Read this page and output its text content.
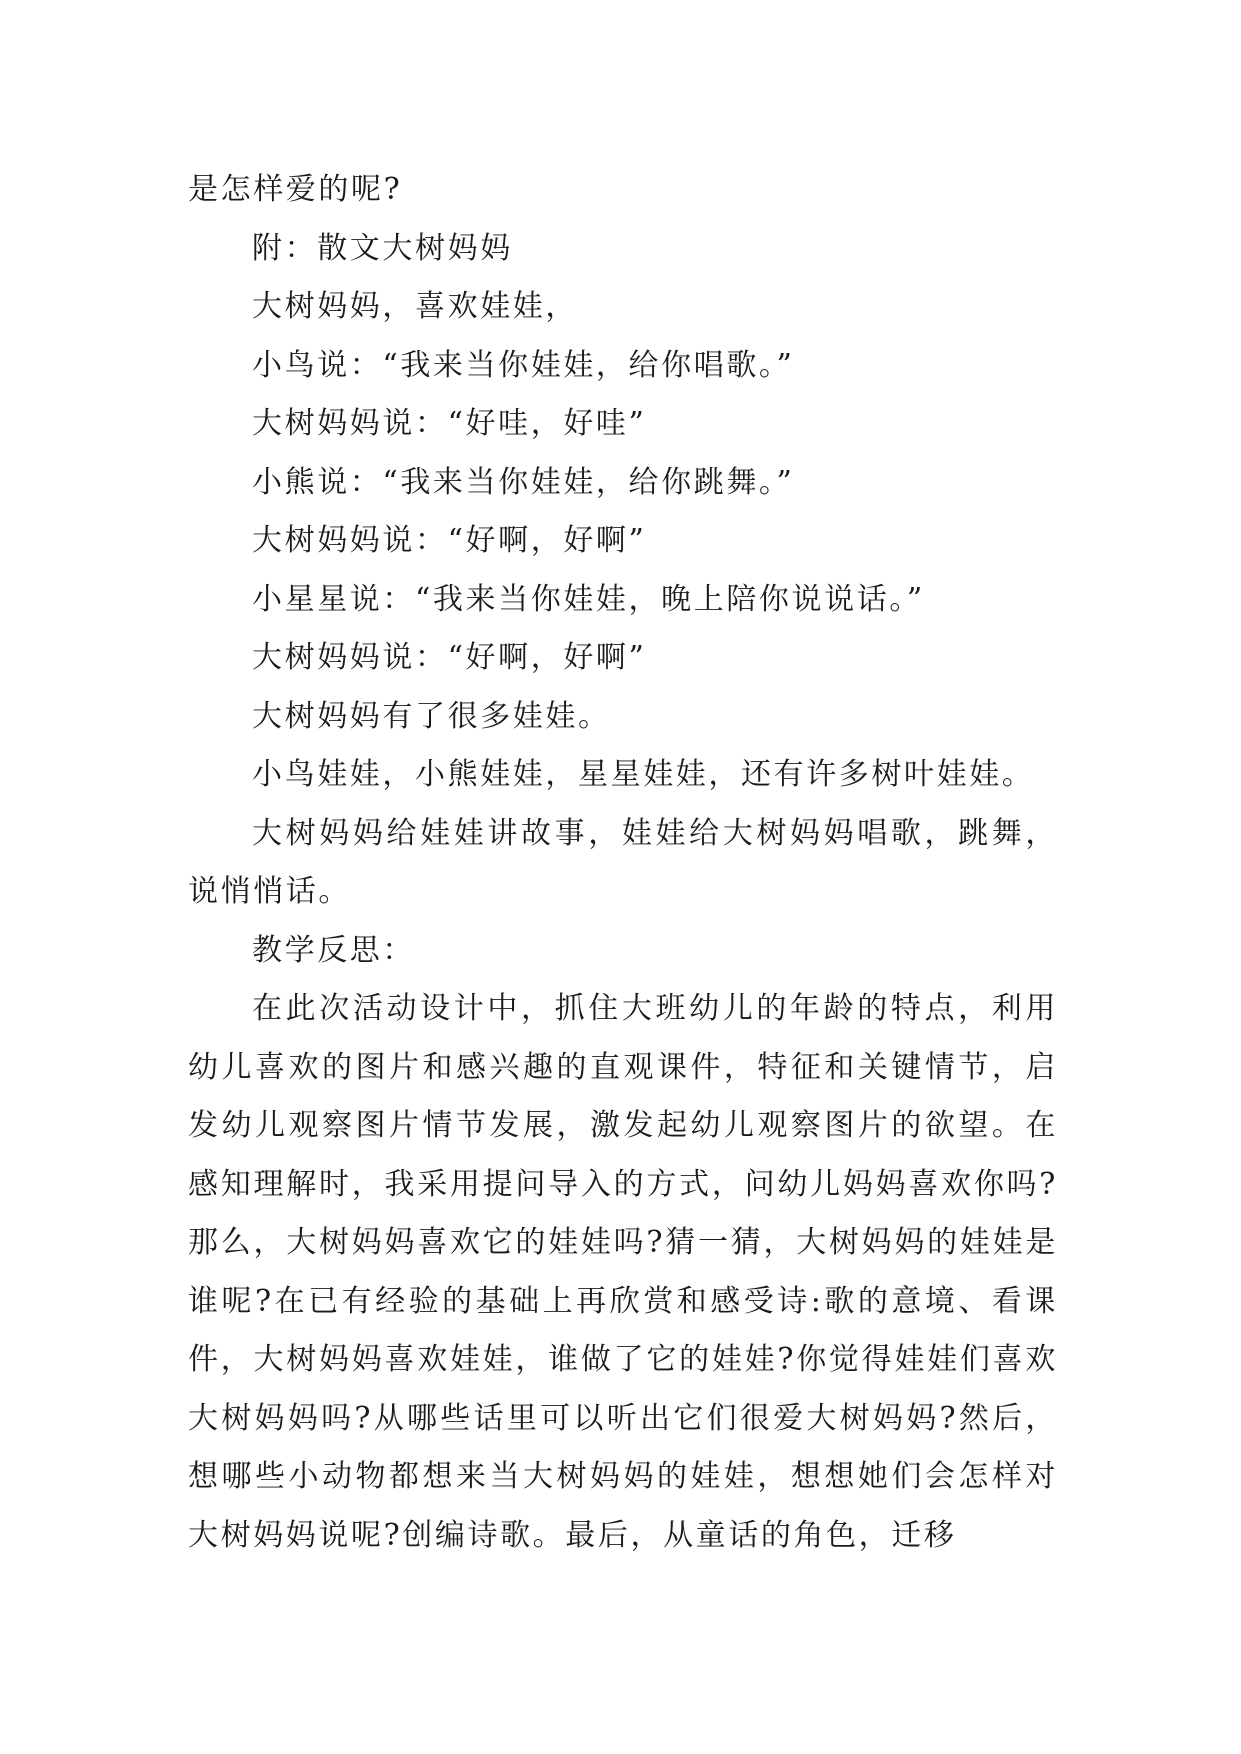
是怎样爱的呢?
附：散文大树妈妈
大树妈妈，喜欢娃娃，
小鸟说：“我来当你娃娃，给你唱歌。”
大树妈妈说：“好哇，好哇”
小熊说：“我来当你娃娃，给你跳舞。”
大树妈妈说：“好啊，好啊”
小星星说：“我来当你娃娃，晚上陪你说说话。”
大树妈妈说：“好啊，好啊”
大树妈妈有了很多娃娃。
小鸟娃娃，小熊娃娃，星星娃娃，还有许多树叶娃娃。

大树妈妈给娃娃讲故事，娃娃给大树妈妈唱歌，跳舞，说悄悄话。

教学反思：

在此次活动设计中，抓住大班幼儿的年龄的特点，利用幼儿喜欢的图片和感兴趣的直观课件，特征和关键情节，启发幼儿观察图片情节发展，激发起幼儿观察图片的欲望。在感知理解时，我采用提问导入的方式，问幼儿妈妈喜欢你吗?那么，大树妈妈喜欢它的娃娃吗?猜一猜，大树妈妈的娃娃是谁呢?在已有经验的基础上再欣赏和感受诗:歌的意境、看课件，大树妈妈喜欢娃娃，谁做了它的娃娃?你觉得娃娃们喜欢大树妈妈吗?从哪些话里可以听出它们很爱大树妈妈?然后，想哪些小动物都想来当大树妈妈的娃娃，想想她们会怎样对大树妈妈说呢?创编诗歌。最后，从童话的角色，迁移
